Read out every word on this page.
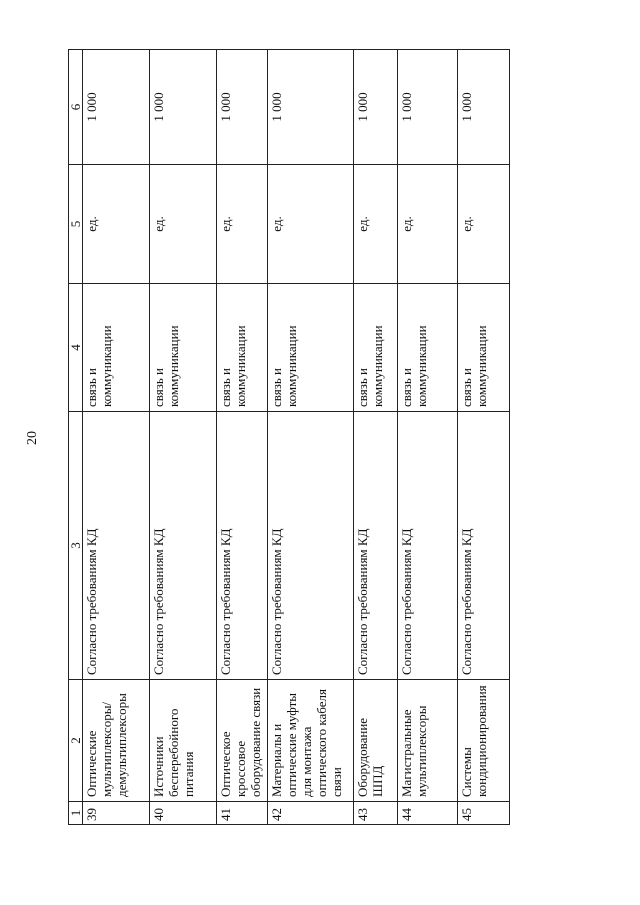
20
1	2	3	4	5	6
39	Оптические мультиплексоры/ демультиплексоры	Согласно требованиям КД	связь и коммуникации	ед.	1 000
40	Источники бесперебойного питания	Согласно требованиям КД	связь и коммуникации	ед.	1 000
41	Оптическое кроссовое оборудование связи	Согласно требованиям КД	связь и коммуникации	ед.	1 000
42	Материалы и оптические муфты для монтажа оптического кабеля связи	Согласно требованиям КД	связь и коммуникации	ед.	1 000
43	Оборудование ШПД	Согласно требованиям КД	связь и коммуникации	ед.	1 000
44	Магистральные мультиплексоры	Согласно требованиям КД	связь и коммуникации	ед.	1 000
45	Системы кондиционирования	Согласно требованиям КД	связь и коммуникации	ед.	1 000
